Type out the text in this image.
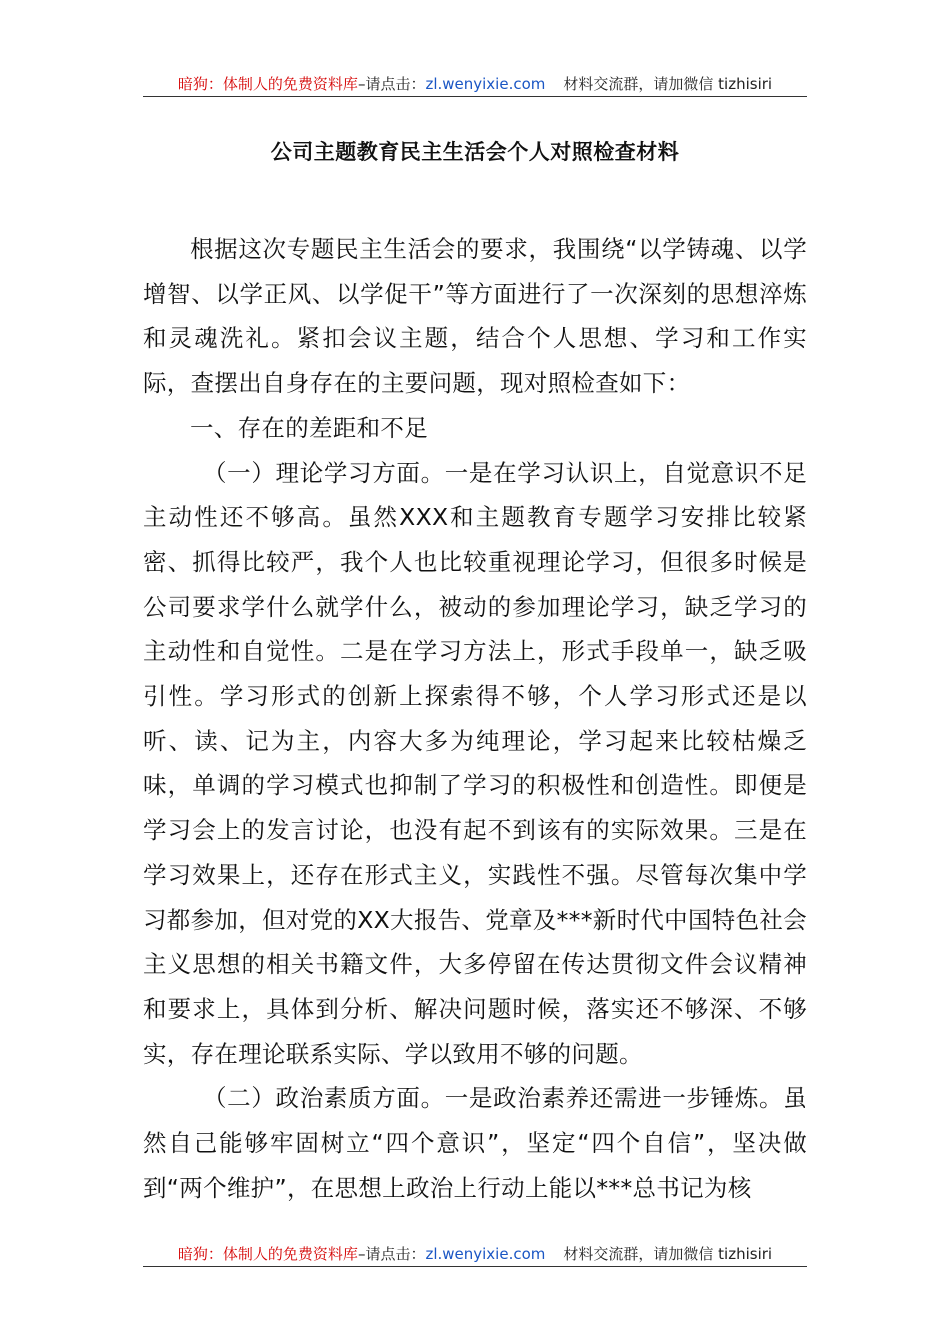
暗狗：体制人的免费资料库 –请点击： zl.wenyixie.com 材料交流群，请加微信 tizhisiri
公司主题教育民主生活会个人对照检查材料

根据这次专题民主生活会的要求，我围绕“以学铸魂、以学增智、以学正风、以学促干”等方面进行了一次深刻的思想淬炼和灵魂洗礼。紧扣会议主题，结合个人思想、学习和工作实际，查摆出自身存在的主要问题，现对照检查如下：

一、存在的差距和不足

（一）理论学习方面。一是在学习认识上，自觉意识不足主动性还不够高。虽然XXX和主题教育专题学习安排比较紧密、抓得比较严，我个人也比较重视理论学习，但很多时候是公司要求学什么就学什么，被动的参加理论学习，缺乏学习的主动性和自觉性。二是在学习方法上，形式手段单一，缺乏吸引性。学习形式的创新上探索得不够，个人学习形式还是以听、读、记为主，内容大多为纯理论，学习起来比较枯燥乏味，单调的学习模式也抑制了学习的积极性和创造性。即便是学习会上的发言讨论，也没有起不到该有的实际效果。三是在学习效果上，还存在形式主义，实践性不强。尽管每次集中学习都参加，但对党的XX大报告、党章及***新时代中国特色社会主义思想的相关书籍文件，大多停留在传达贯彻文件会议精神和要求上，具体到分析、解决问题时候，落实还不够深、不够实，存在理论联系实际、学以致用不够的问题。

（二）政治素质方面。一是政治素养还需进一步锤炼。虽然自己能够牢固树立“四个意识”，坚定“四个自信”，坚决做到“两个维护”，在思想上政治上行动上能以***总书记为核

暗狗：体制人的免费资料库 –请点击： zl.wenyixie.com 材料交流群，请加微信 tizhisiri
